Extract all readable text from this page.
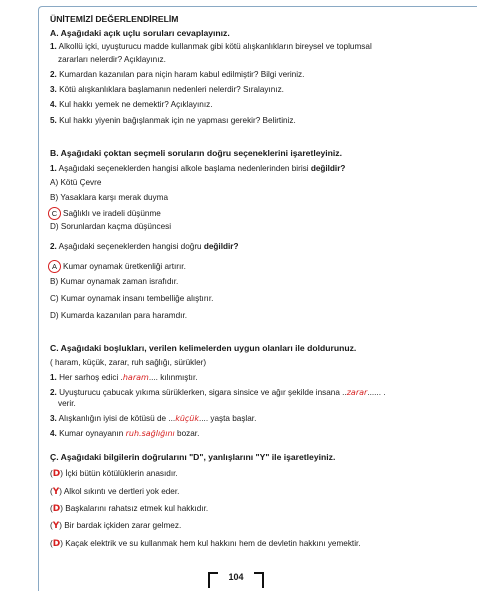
ÜNİTEMİZİ DEĞERLENDİRELİM
A. Aşağıdaki açık uçlu soruları cevaplayınız.
1. Alkollü içki, uyuşturucu madde kullanmak gibi kötü alışkanlıkların bireysel ve toplumsal
zararları nelerdir? Açıklayınız.
2. Kumardan kazanılan para niçin haram kabul edilmiştir? Bilgi veriniz.
3. Kötü alışkanlıklara başlamanın nedenleri nelerdir? Sıralayınız.
4. Kul hakkı yemek ne demektir? Açıklayınız.
5. Kul hakkı yiyenin bağışlanmak için ne yapması gerekir? Belirtiniz.
B. Aşağıdaki çoktan seçmeli soruların doğru seçeneklerini işaretleyiniz.
1. Aşağıdaki seçeneklerden hangisi alkole başlama nedenlerinden birisi değildir?
A) Kötü Çevre
B) Yasaklara karşı merak duyma
C Sağlıklı ve iradeli düşünme
D) Sorunlardan kaçma düşüncesi
2. Aşağıdaki seçeneklerden hangisi doğru değildir?
A Kumar oynamak üretkenliği artırır.
B) Kumar oynamak zaman israfıdır.
C) Kumar oynamak insanı tembelliğe alıştırır.
D) Kumarda kazanılan para haramdır.
C. Aşağıdaki boşlukları, verilen kelimelerden uygun olanları ile doldurunuz.
( haram, küçük, zarar, ruh sağlığı, sürükler)
1. Her sarhoş edici .haram.... kılınmıştır.
2. Uyuşturucu çabucak yıkıma sürüklerken, sigara sinsice ve ağır şekilde insana ..zarar...... .
verir.
3. Alışkanlığın iyisi de kötüsü de ...küçük.... yaşta başlar.
4. Kumar oynayanın ruh.sağlığını bozar.
Ç. Aşağıdaki bilgilerin doğrularını "D", yanlışlarını "Y" ile işaretleyiniz.
(D) İçki bütün kötülüklerin anasıdır.
(Y) Alkol sıkıntı ve dertleri yok eder.
(D) Başkalarını rahatsız etmek kul hakkıdır.
(Y) Bir bardak içkiden zarar gelmez.
(D) Kaçak elektrik ve su kullanmak hem kul hakkını hem de devletin hakkını yemektir.
104
